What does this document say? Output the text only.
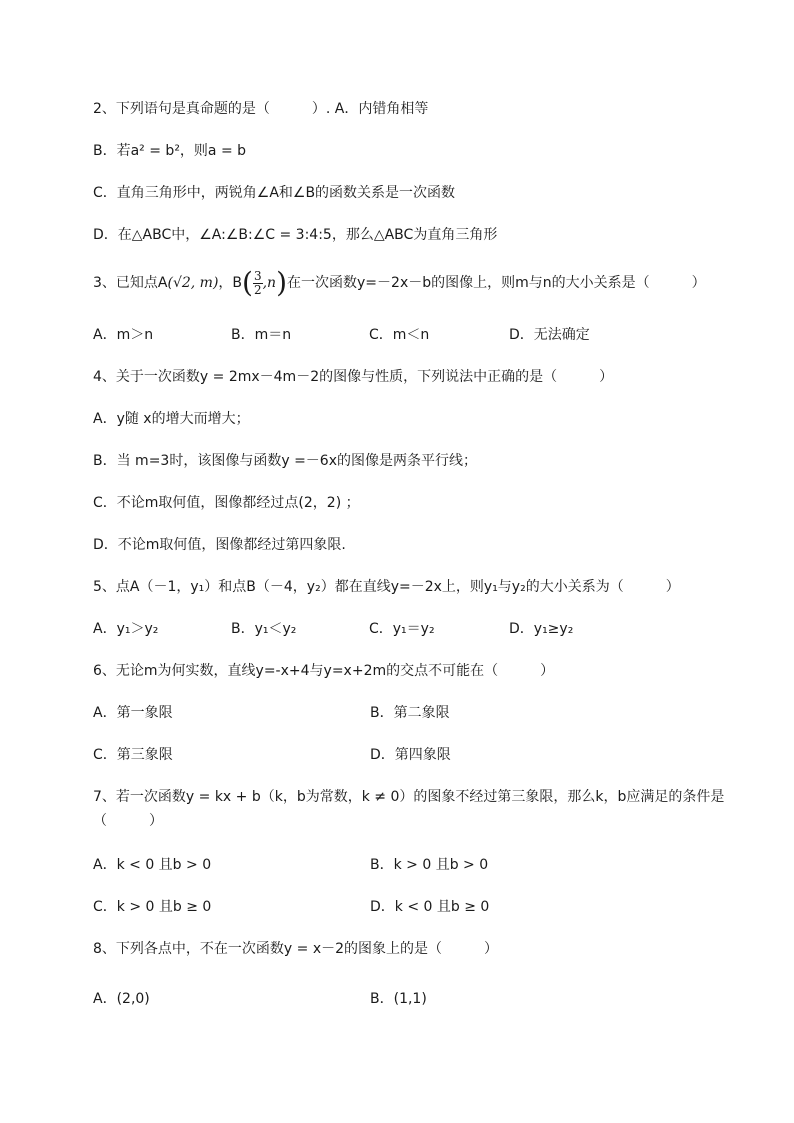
2、下列语句是真命题的是（　　　）. A．内错角相等
B．若a² = b²，则a = b
C．直角三角形中，两锐角∠A和∠B的函数关系是一次函数
D．在△ABC中，∠A:∠B:∠C = 3:4:5，那么△ABC为直角三角形
3、已知点A(√2, m)，$B( \frac{3}{2} ,n)$在一次函数y=－2x－b的图像上，则m与n的大小关系是（　　　）
A．m＞n	B．m＝n	C．m＜n	D．无法确定
4、关于一次函数y = 2mx－4m－2的图像与性质，下列说法中正确的是（　　　）
A．y随 x的增大而增大；
B．当 m=3时，该图像与函数y =－6x的图像是两条平行线；
C．不论m取何值，图像都经过点(2，2) ；
D．不论m取何值，图像都经过第四象限.
5、点A（－1，y₁）和点B（－4，y₂）都在直线y=－2x上，则y₁与y₂的大小关系为（　　　）
A．y₁＞y₂	B．y₁＜y₂	C．y₁＝y₂	D．y₁≥y₂
6、无论m为何实数，直线y=-x+4与y=x+2m的交点不可能在（　　　）
A．第一象限	B．第二象限
C．第三象限	D．第四象限
7、若一次函数y = kx + b（k，b为常数，k ≠ 0）的图象不经过第三象限，那么k，b应满足的条件是（　　　）
A．k < 0 且b > 0	B．k > 0 且b > 0
C．k > 0 且b ≥ 0	D．k < 0 且b ≥ 0
8、下列各点中，不在一次函数y = x－2的图象上的是（　　　）
A．(2,0)	B．(1,1)
